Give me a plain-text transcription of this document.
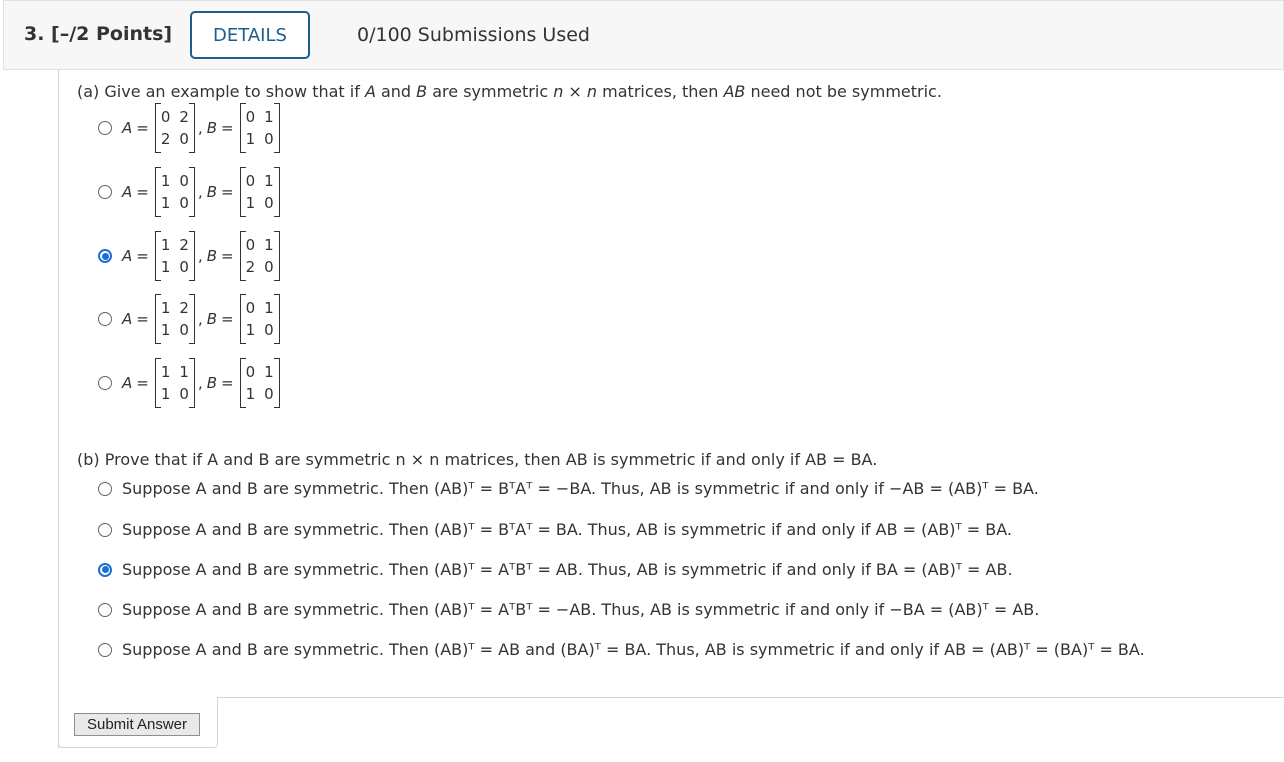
3. [–/2 Points]	DETAILS	0/100 Submissions Used
(a) Give an example to show that if A and B are symmetric n × n matrices, then AB need not be symmetric.
A =
0 2
2 0
, B =
0 1
1 0
A =
1 0
1 0
, B =
0 1
1 0
A =
1 2
1 0
, B =
0 1
2 0
A =
1 2
1 0
, B =
0 1
1 0
A =
1 1
1 0
, B =
0 1
1 0
(b) Prove that if A and B are symmetric n × n matrices, then AB is symmetric if and only if AB = BA.
Suppose A and B are symmetric. Then (AB)ᵀ = BᵀAᵀ = −BA. Thus, AB is symmetric if and only if −AB = (AB)ᵀ = BA.
Suppose A and B are symmetric. Then (AB)ᵀ = BᵀAᵀ = BA. Thus, AB is symmetric if and only if AB = (AB)ᵀ = BA.
Suppose A and B are symmetric. Then (AB)ᵀ = AᵀBᵀ = AB. Thus, AB is symmetric if and only if BA = (AB)ᵀ = AB.
Suppose A and B are symmetric. Then (AB)ᵀ = AᵀBᵀ = −AB. Thus, AB is symmetric if and only if −BA = (AB)ᵀ = AB.
Suppose A and B are symmetric. Then (AB)ᵀ = AB and (BA)ᵀ = BA. Thus, AB is symmetric if and only if AB = (AB)ᵀ = (BA)ᵀ = BA.
Submit Answer
